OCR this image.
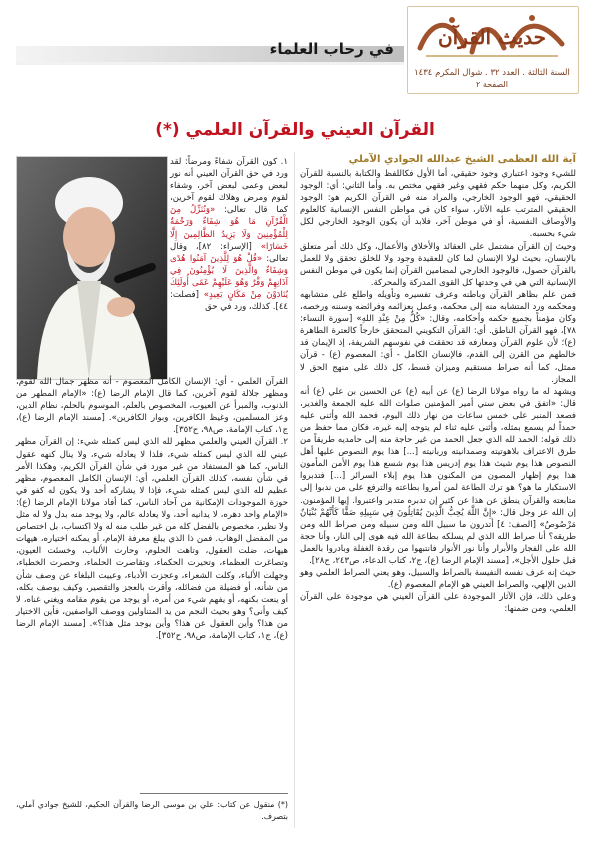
في رحاب العلماء حديث القرآن
السنة الثالثة . العدد ٣٢ . شوال المكرم ١٤٣٤
الصفحة ٢
القرآن العيني والقرآن العلمي (*)
آية الله العظمى الشيخ عبدالله الجوادي الآملي

للشيء وجود اعتباري وجود حقيقي، أما الأول فكاللفظ والكتابة بالنسبة للقرآن الكريم، وكل منهما حكم فقهي وغير فقهي مختص به. وأما الثاني: أي: الوجود الحقيقي، فهو الوجود الخارجي، والمراد منه في القرآن الكريم هو: الوجود الحقيقي المترتب عليه الآثار، سواء كان في مواطن النفس الإنسانية كالعلوم والأوصاف النفسية، أو في موطن آخر، فلابد أن يكون الوجود الخارجي لكل شيء بحسبه.

وحيث إن القرآن مشتمل على العقائد والأخلاق والأعمال، وكل ذلك أمر متعلق بالإنسان، بحيث لولا الإنسان لما كان للعقيدة وجود ولا للخلق تحقق ولا للعمل بالقرآن حصول، فالوجود الخارجي لمضامين القرآن إنما يكون في موطن النفس الإنسانية التي هي في وحدتها كل القوى المدركة والمحركة.

فمن علم بظاهر القرآن وباطنه وعرف تفسيره وتأويله واطلع على متشابهه ومحكمه ورد المتشابه منه إلى محكمه، وعمل بعزائمه وفرائضه وسننه ورخصه، وكان مؤمناً بجميع حكمه وأحكامه، وقال: «كُلٌّ مِنْ عِنْدِ اللهِ» [سورة النساء: ٧٨]، فهو القرآن الناطق. أي: القرآن التكويني المتحقق خارجاً كالعترة الطاهرة (ع)؛ لأن علوم القرآن ومعارفه قد تحققت في نفوسهم الشريفة، إذ الإيمان قد خالطهم من القرن إلى القدم، فالإنسان الكامل - أي: المعصوم (ع) - قرآن ممثل، كما أنه صراط مستقيم وميزان قسط، كل ذلك على منهج الحق لا المجاز.

ويشهد له ما رواه مولانا الرضا (ع) عن أبيه (ع) عن الحسين بن علي (ع) أنه قال: «اتفق في بعض سني أمير المؤمنين صلوات الله عليه الجمعة والغدير، فصعد المنبر على خمس ساعات من نهار ذلك اليوم، فحمد الله وأثنى عليه حمداً لم يسمع بمثله، وأثنى عليه ثناء لم يتوجه إليه غيره، فكان مما حفظ من ذلك قوله: الحمد لله الذي جعل الحمد من غير حاجة منه إلى حامديه طريقاً من طرق الاعتراف بلاهوتيته وصمدانيته وربانيته [...] هذا يوم النصوص عليها أهل النصوص هذا يوم شيث هذا يوم إدريس هذا يوم شسع هذا يوم الأمن المأمون هذا يوم إظهار المصون من المكنون هذا يوم إبلاء السرائر [...] فتدبروا الاستكبار ما هو؟ هو ترك الطاعة لمن أمروا بطاعته والترفع على من ندبوا إلى متابعته والقرآن ينطق عن هذا عن كثير إن تدبره متدبر واعتبروا. إيها المؤمنون. إن الله عز وجل قال: «إِنَّ اللَّهَ يُحِبُّ الَّذِينَ يُقَاتِلُونَ فِي سَبِيلِهِ صَفًّا كَأَنَّهُمْ بُنْيَانٌ مَرْصُوصٌ» [الصف: ٤] أتدرون ما سبيل الله ومن سبيله ومن صراط الله ومن طريقه؟ أنا صراط الله الذي لم يسلكه بطاعة الله فيه هوى إلى النار، وأنا حجة الله على الفجار والأبرار وأنا نور الأنوار فانتبهوا من رقدة الغفلة وبادروا بالعمل قبل حلول الأجل»، [مسند الإمام الرضا (ع)، ج٢، كتاب الدعاء، ص٢٤٣، ح٢٨].

حيث إنه عرف نفسه النفيسة بالصراط والسبيل، وهو يعني الصراط العلمي وهو الدين الإلهي، والصراط العيني هو الإمام المعصوم (ع).

وعلى ذلك، فإن الآثار الموجودة على القرآن العيني هي موجودة على القرآن العلمي، ومن ضمنها:

١. كون القرآن شفاءً ومرضاً: لقد ورد في حق القرآن العيني أنه نور لبعض وعمى لبعض آخر، وشفاء لقوم ومرض وهلاك لقوم آخرين، كما قال تعالى: «وَنُنَزِّلُ مِنَ الْقُرْآنِ مَا هُوَ شِفَاءٌ وَرَحْمَةٌ لِلْمُؤْمِنِينَ وَلَا يَزِيدُ الظَّالِمِينَ إِلَّا خَسَارًا» [الإسراء: ٨٢]، وقال تعالى: «قُلْ هُوَ لِلَّذِينَ آمَنُوا هُدًى وَشِفَاءٌ وَالَّذِينَ لَا يُؤْمِنُونَ فِي آذَانِهِمْ وَقْرٌ وَهُوَ عَلَيْهِمْ عَمًى أُولَئِكَ يُنَادَوْنَ مِنْ مَكَانٍ بَعِيدٍ» [فصلت: ٤٤]. كذلك، ورد في حق

القرآن العلمي - أي: الإنسان الكامل المعصوم - أنه مظهر جمال الله لقوم، ومظهر جلالة لقوم آخرين، كما قال الإمام الرضا (ع): «الإمام المطهر من الذنوب، والمبرأ عن العيوب، المخصوص بالعلم، الموسوم بالحلم، نظام الدين، وعز المسلمين، وغيظ الكافرين، وبوار الكافرين». [مسند الإمام الرضا (ع)، ج١، كتاب الإمامة، ص٩٨، ح٣٥٢].

٢. القرآن العيني والعلمي مظهر لله الذي ليس كمثله شيء: إن القرآن مظهر عيني لله الذي ليس كمثله شيء، فلذا لا يعادله شيء، ولا ينال كنهه عقول الناس، كما هو المستفاد من غير مورد في شأن القرآن الكريم، وهكذا الأمر في شأن نفسه، كذلك القرآن العلمي، أي: الإنسان الكامل المعصوم، مظهر عظيم لله الذي ليس كمثله شيء، فإذا لا يشاركه أحد ولا يكون له كفو في حوزة الموجودات الإمكانية من آحاد الناس، كما أفاد مولانا الإمام الرضا (ع): «الإمام واحد دهره، لا يدانيه أحد، ولا يعادله عالم، ولا يوجد منه بدل ولا له مثل ولا نظير، مخصوص بالفضل كله من غير طلب منه له ولا اكتساب، بل اختصاص من المفضل الوهاب. فمن ذا الذي يبلغ معرفة الإمام، أو يمكنه اختياره، هيهات هيهات، ضلت العقول، وتاهت الحلوم، وحارت الألباب، وخسئت العيون، وتصاغرت العظماء، وتحيرت الحكماء، وتقاصرت الحلماء، وحصرت الخطباء، وجهلت الألباء، وكلت الشعراء، وعجزت الأدباء، وعييت البلغاء عن وصف شأن من شأنه، أو فضيلة من فضائله، وأقرت بالعجز والتقصير، وكيف يوصف بكله، أو ينعت بكنهه، أو يفهم شيء من أمره، أو يوجد من يقوم مقامه ويغني غناه، لا كيف وأنى؟ وهو بحيث النجم من يد المتناولين ووصف الواصفين، فأين الاختيار من هذا؟ وأين العقول عن هذا؟ وأين يوجد مثل هذا؟». [مسند الإمام الرضا (ع)، ج١، كتاب الإمامة، ص٩٨، ح٣٥٢].

(*) منقول عن كتاب: علي بن موسى الرضا والقرآن الحكيم، للشيخ جوادي آملي، بتصرف.
